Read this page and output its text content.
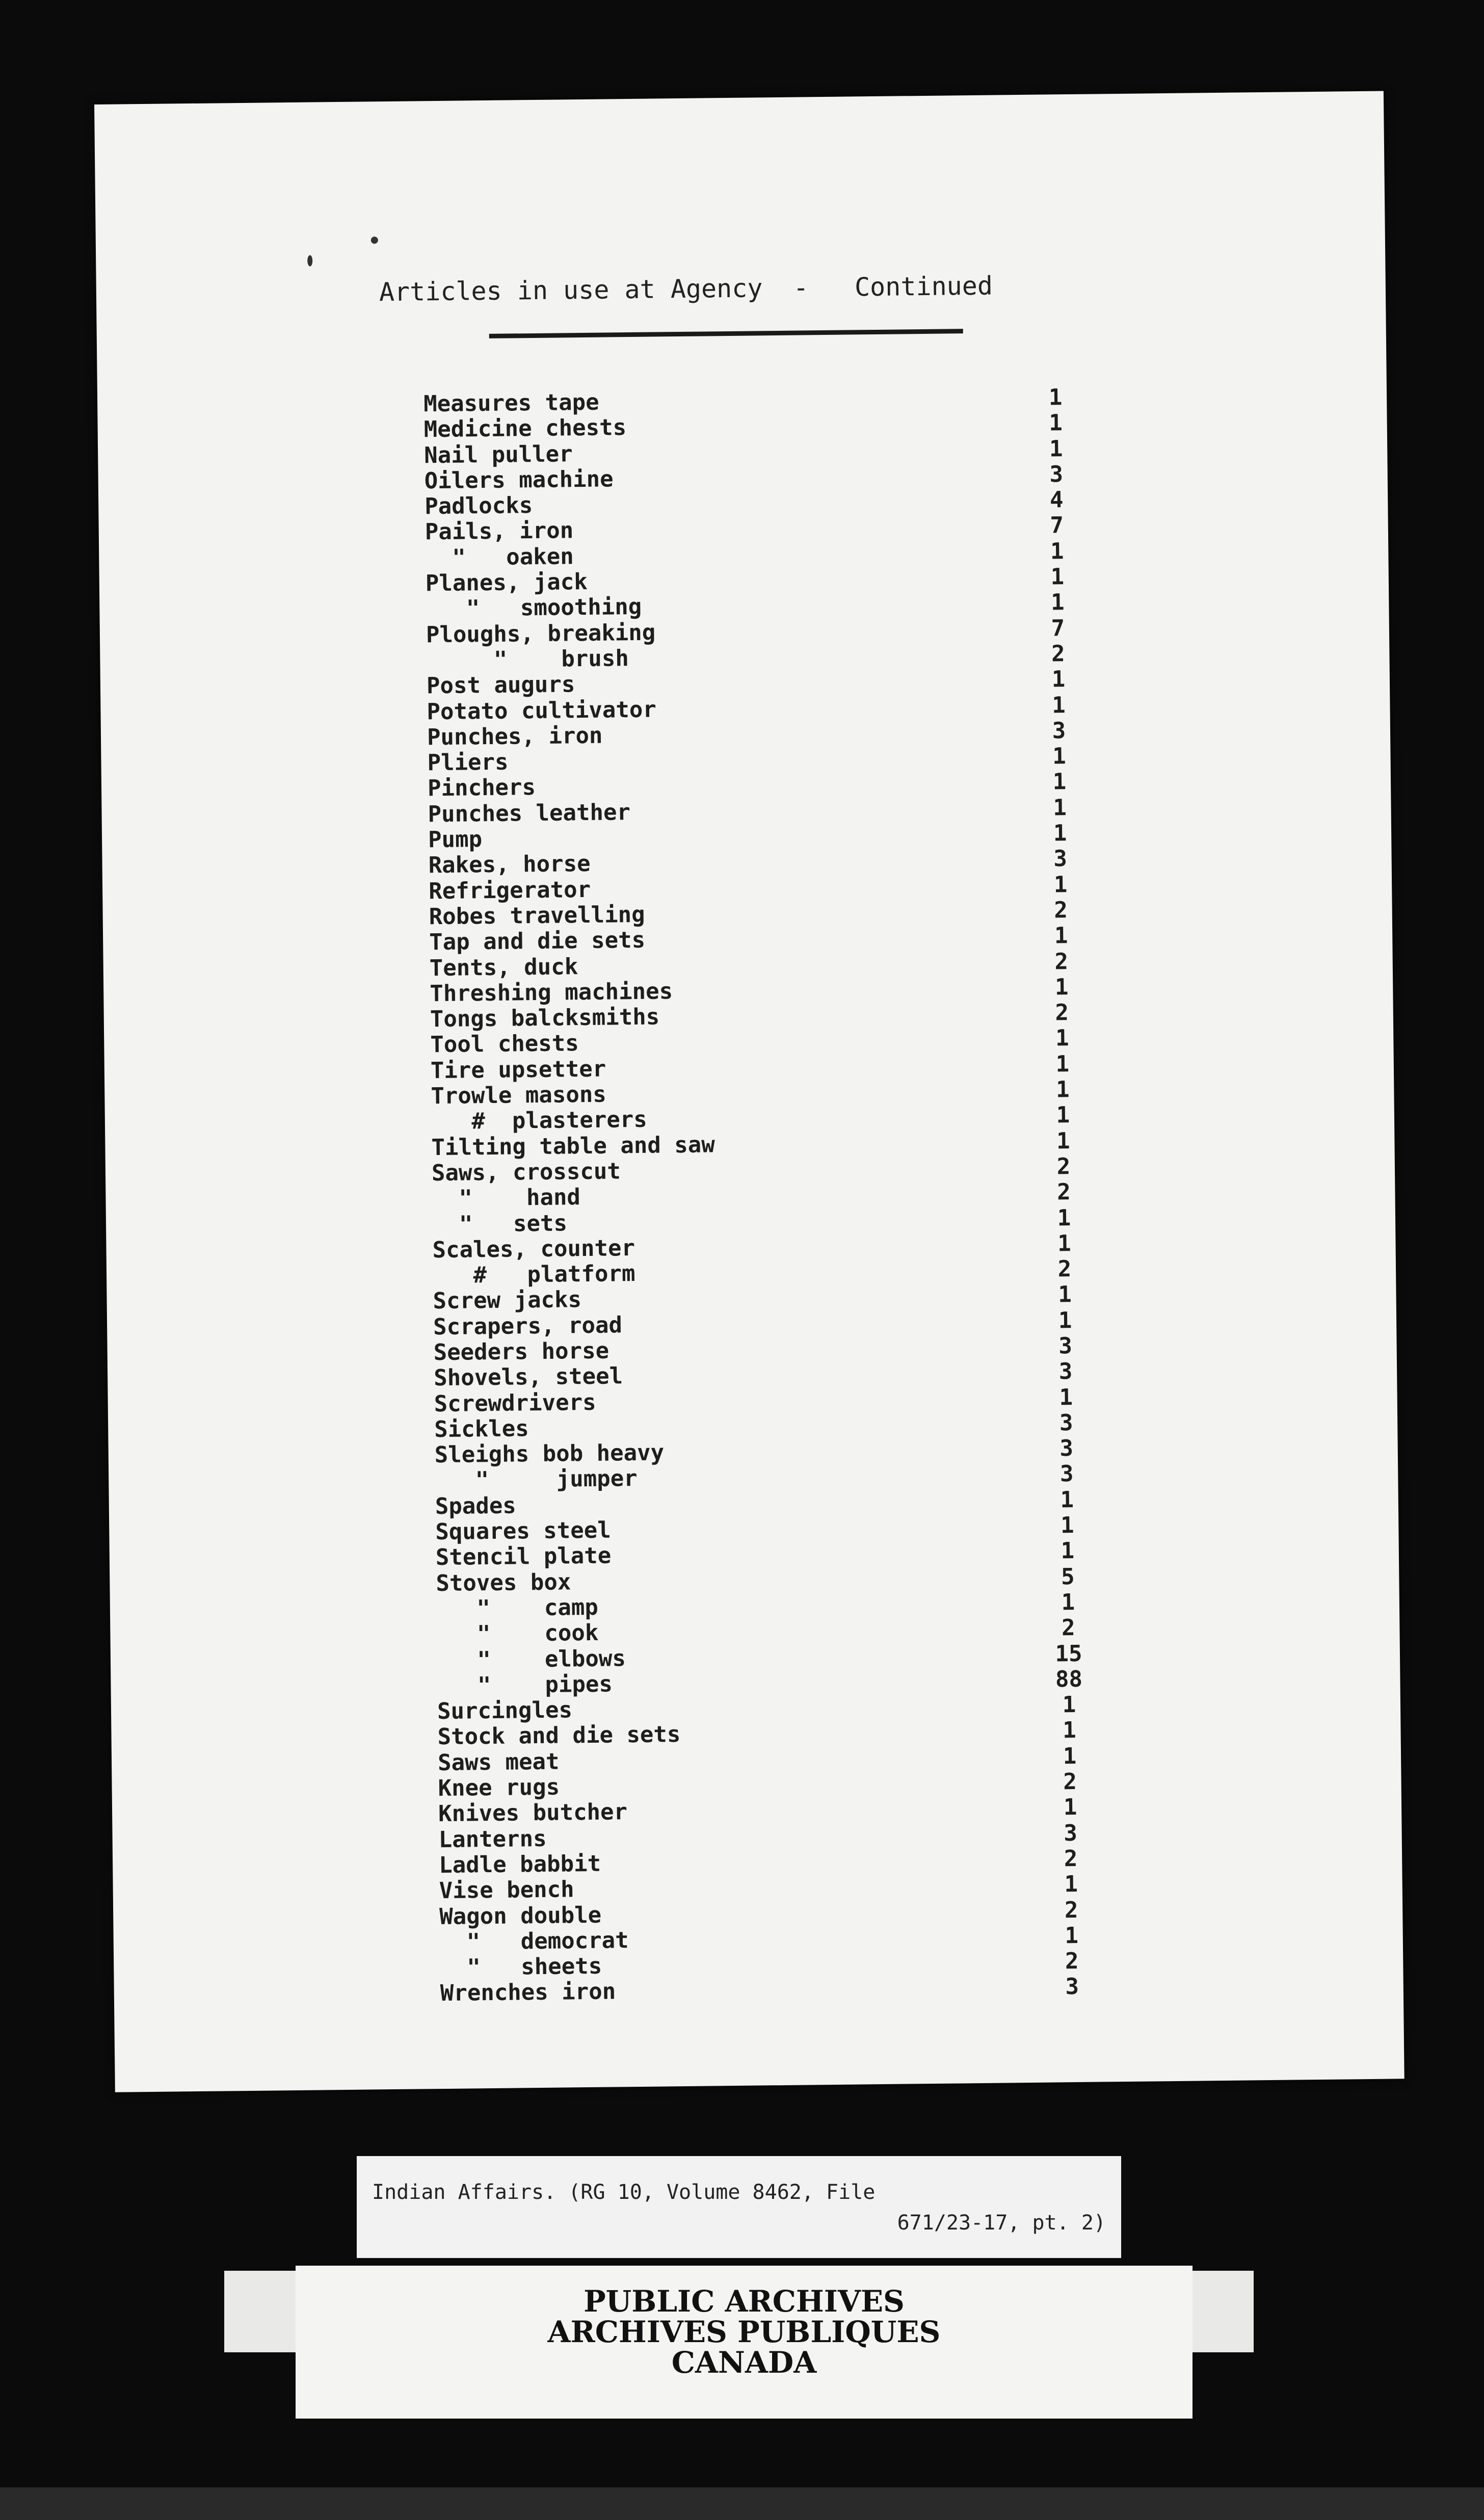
Articles in use at Agency  -   Continued
Measures tape	1
Medicine chests	1
Nail puller	1
Oilers machine	3
Padlocks	4
Pails, iron	7
"   oaken	1
Planes, jack	1
"   smoothing	1
Ploughs, breaking	7
"    brush	2
Post augurs	1
Potato cultivator	1
Punches, iron	3
Pliers	1
Pinchers	1
Punches leather	1
Pump	1
Rakes, horse	3
Refrigerator	1
Robes travelling	2
Tap and die sets	1
Tents, duck	2
Threshing machines	1
Tongs balcksmiths	2
Tool chests	1
Tire upsetter	1
Trowle masons	1
#  plasterers	1
Tilting table and saw	1
Saws, crosscut	2
"    hand	2
"   sets	1
Scales, counter	1
#   platform	2
Screw jacks	1
Scrapers, road	1
Seeders horse	3
Shovels, steel	3
Screwdrivers	1
Sickles	3
Sleighs bob heavy	3
"     jumper	3
Spades	1
Squares steel	1
Stencil plate	1
Stoves box	5
"    camp	1
"    cook	2
"    elbows	15
"    pipes	88
Surcingles	1
Stock and die sets	1
Saws meat	1
Knee rugs	2
Knives butcher	1
Lanterns	3
Ladle babbit	2
Vise bench	1
Wagon double	2
"   democrat	1
"   sheets	2
Wrenches iron	3
PUBLIC ARCHIVES
ARCHIVES PUBLIQUES
CANADA
Indian Affairs. (RG 10, Volume 8462, File
671/23-17, pt. 2)
